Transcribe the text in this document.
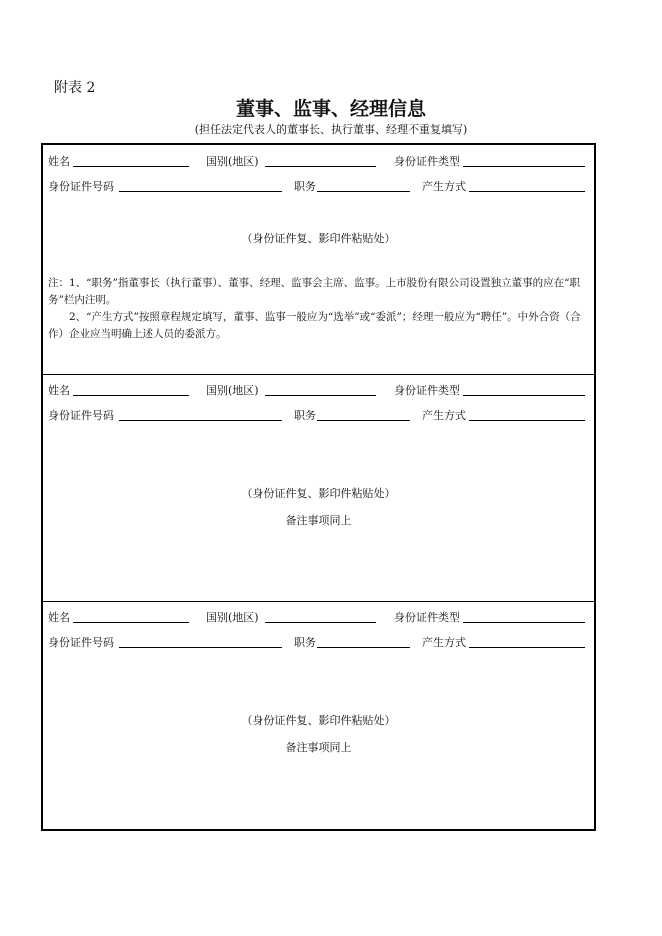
附表 2
董事、监事、经理信息
(担任法定代表人的董事长、执行董事、经理不重复填写)
姓名	国别(地区)	身份证件类型
身份证件号码	职务	产生方式
（身份证件复、影印件粘贴处）

注：1、“职务”指董事长（执行董事）、董事、经理、监事会主席、监事。上市股份有限公司设置独立董事的应在“职务”栏内注明。

　　2、“产生方式”按照章程规定填写，董事、监事一般应为“选举”或“委派”；经理一般应为“聘任”。中外合资（合作）企业应当明确上述人员的委派方。

姓名	国别(地区)	身份证件类型
身份证件号码	职务	产生方式
（身份证件复、影印件粘贴处）
备注事项同上
姓名	国别(地区)	身份证件类型
身份证件号码	职务	产生方式
（身份证件复、影印件粘贴处）
备注事项同上
